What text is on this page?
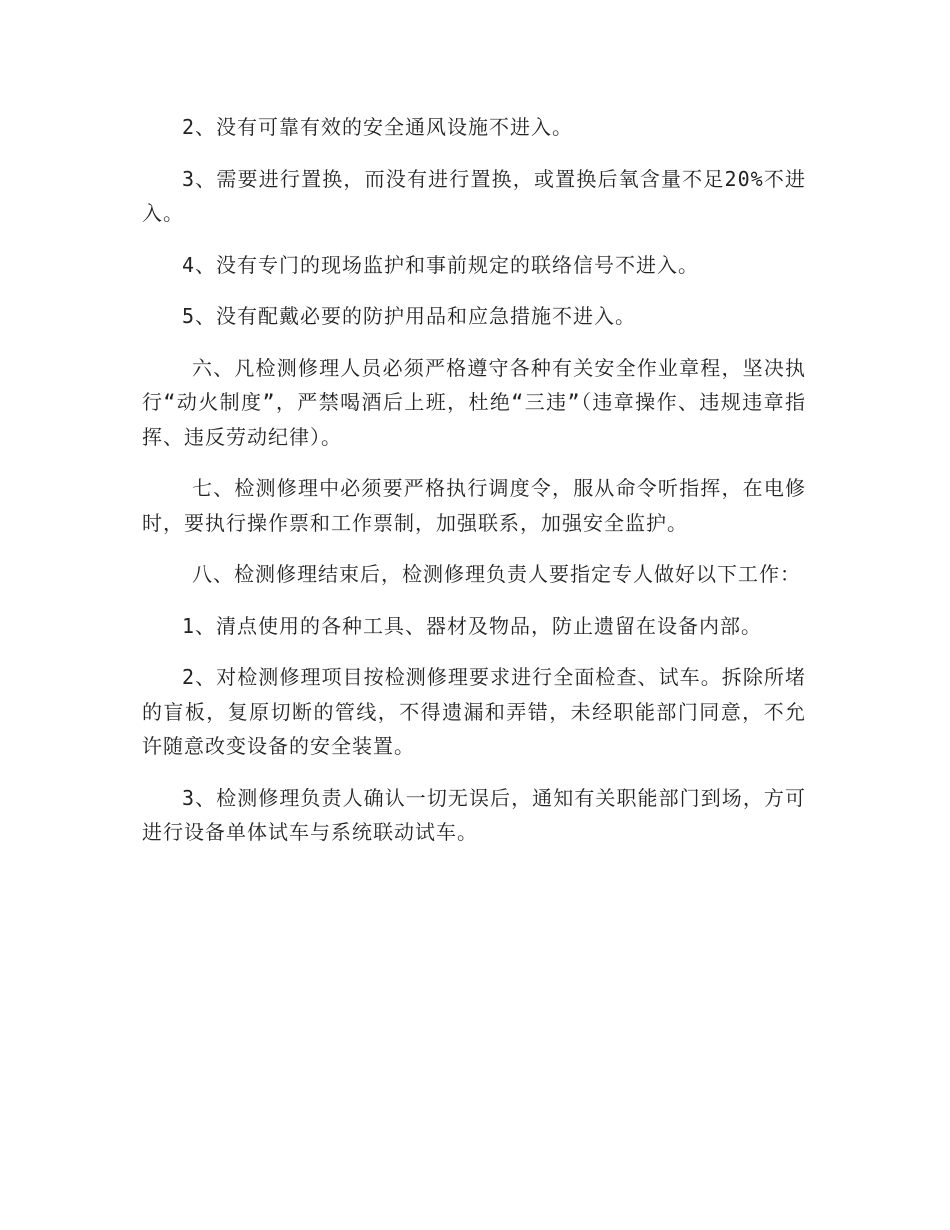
2、没有可靠有效的安全通风设施不进入。

3、需要进行置换，而没有进行置换，或置换后氧含量不足20%不进入。

4、没有专门的现场监护和事前规定的联络信号不进入。

5、没有配戴必要的防护用品和应急措施不进入。

六、凡检测修理人员必须严格遵守各种有关安全作业章程，坚决执行“动火制度”，严禁喝酒后上班，杜绝“三违”（违章操作、违规违章指挥、违反劳动纪律）。

七、检测修理中必须要严格执行调度令，服从命令听指挥，在电修时，要执行操作票和工作票制，加强联系，加强安全监护。

八、检测修理结束后，检测修理负责人要指定专人做好以下工作：

1、清点使用的各种工具、器材及物品，防止遗留在设备内部。

2、对检测修理项目按检测修理要求进行全面检查、试车。拆除所堵的盲板，复原切断的管线，不得遗漏和弄错，未经职能部门同意，不允许随意改变设备的安全装置。

3、检测修理负责人确认一切无误后，通知有关职能部门到场，方可进行设备单体试车与系统联动试车。
